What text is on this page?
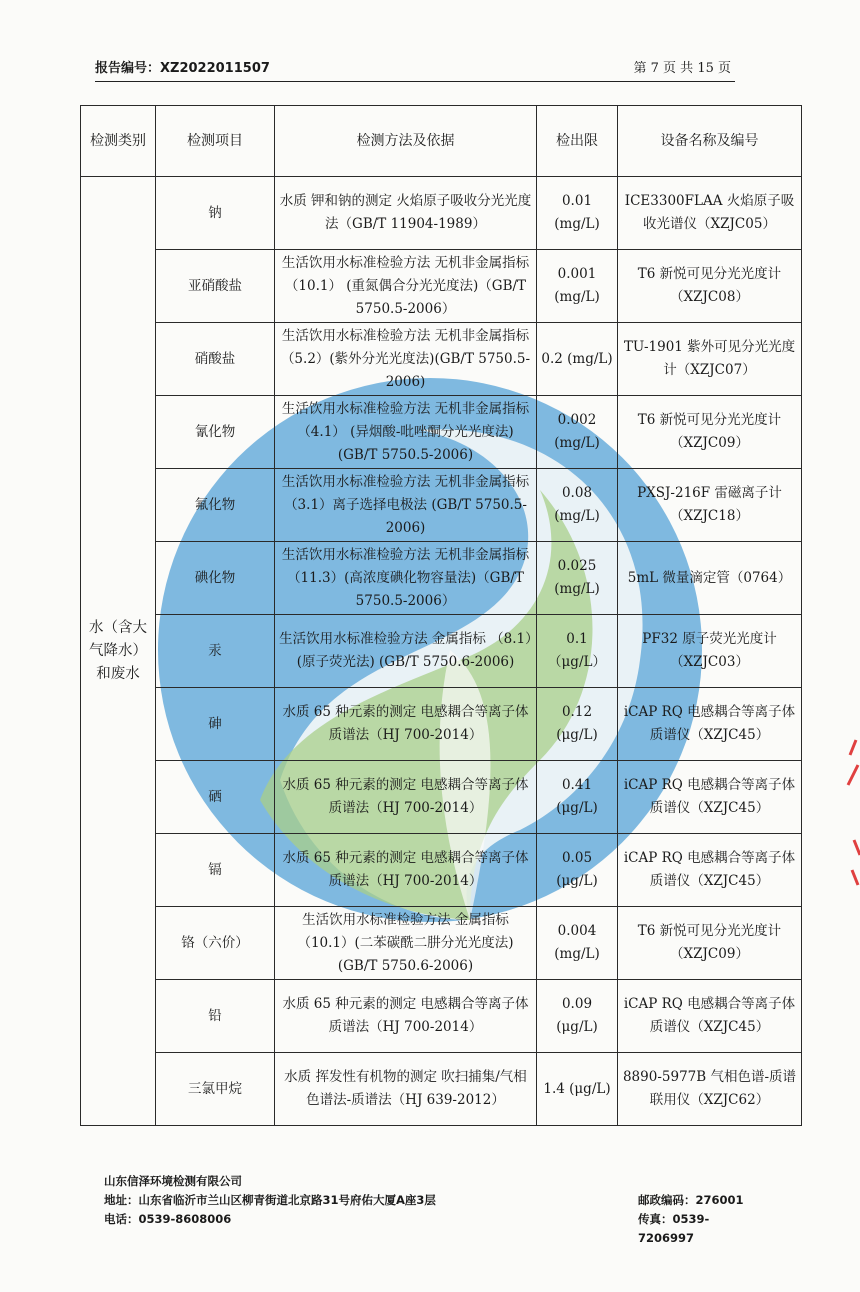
报告编号：XZ2022011507	第 7 页 共 15 页
检测类别	检测项目	检测方法及依据	检出限	设备名称及编号
水（含大气降水）和废水	钠	水质 钾和钠的测定 火焰原子吸收分光光度法（GB/T 11904-1989）	0.01 (mg/L)	ICE3300FLAA 火焰原子吸收光谱仪（XZJC05）
	亚硝酸盐	生活饮用水标准检验方法 无机非金属指标 （10.1） (重氮偶合分光光度法)（GB/T 5750.5-2006）	0.001 (mg/L)	T6 新悦可见分光光度计（XZJC08）
	硝酸盐	生活饮用水标准检验方法 无机非金属指标（5.2）(紫外分光光度法)(GB/T 5750.5-2006)	0.2 (mg/L)	TU-1901 紫外可见分光光度计（XZJC07）
	氰化物	生活饮用水标准检验方法 无机非金属指标（4.1） (异烟酸-吡唑酮分光光度法) (GB/T 5750.5-2006)	0.002 (mg/L)	T6 新悦可见分光光度计（XZJC09）
	氟化物	生活饮用水标准检验方法 无机非金属指标 （3.1）离子选择电极法 (GB/T 5750.5-2006)	0.08 (mg/L)	PXSJ-216F 雷磁离子计（XZJC18）
	碘化物	生活饮用水标准检验方法 无机非金属指标 （11.3）(高浓度碘化物容量法)（GB/T 5750.5-2006）	0.025 (mg/L)	5mL 微量滴定管（0764）
	汞	生活饮用水标准检验方法 金属指标 （8.1）(原子荧光法) (GB/T 5750.6-2006)	0.1（μg/L）	PF32 原子荧光光度计（XZJC03）
	砷	水质 65 种元素的测定 电感耦合等离子体质谱法（HJ 700-2014）	0.12 (μg/L)	iCAP RQ 电感耦合等离子体质谱仪（XZJC45）
	硒	水质 65 种元素的测定 电感耦合等离子体质谱法（HJ 700-2014）	0.41 (μg/L)	iCAP RQ 电感耦合等离子体质谱仪（XZJC45）
	镉	水质 65 种元素的测定 电感耦合等离子体质谱法（HJ 700-2014）	0.05 (μg/L)	iCAP RQ 电感耦合等离子体质谱仪（XZJC45）
	铬（六价）	生活饮用水标准检验方法 金属指标 （10.1）(二苯碳酰二肼分光光度法)(GB/T 5750.6-2006)	0.004 (mg/L)	T6 新悦可见分光光度计（XZJC09）
	铅	水质 65 种元素的测定 电感耦合等离子体质谱法（HJ 700-2014）	0.09 (μg/L)	iCAP RQ 电感耦合等离子体质谱仪（XZJC45）
	三氯甲烷	水质 挥发性有机物的测定 吹扫捕集/气相色谱法-质谱法（HJ 639-2012）	1.4 (μg/L)	8890-5977B 气相色谱-质谱联用仪（XZJC62）
山东信泽环境检测有限公司
地址：山东省临沂市兰山区柳青街道北京路31号府佑大厦A座3层	邮政编码：276001
电话：0539-8608006	传真：0539-7206997
